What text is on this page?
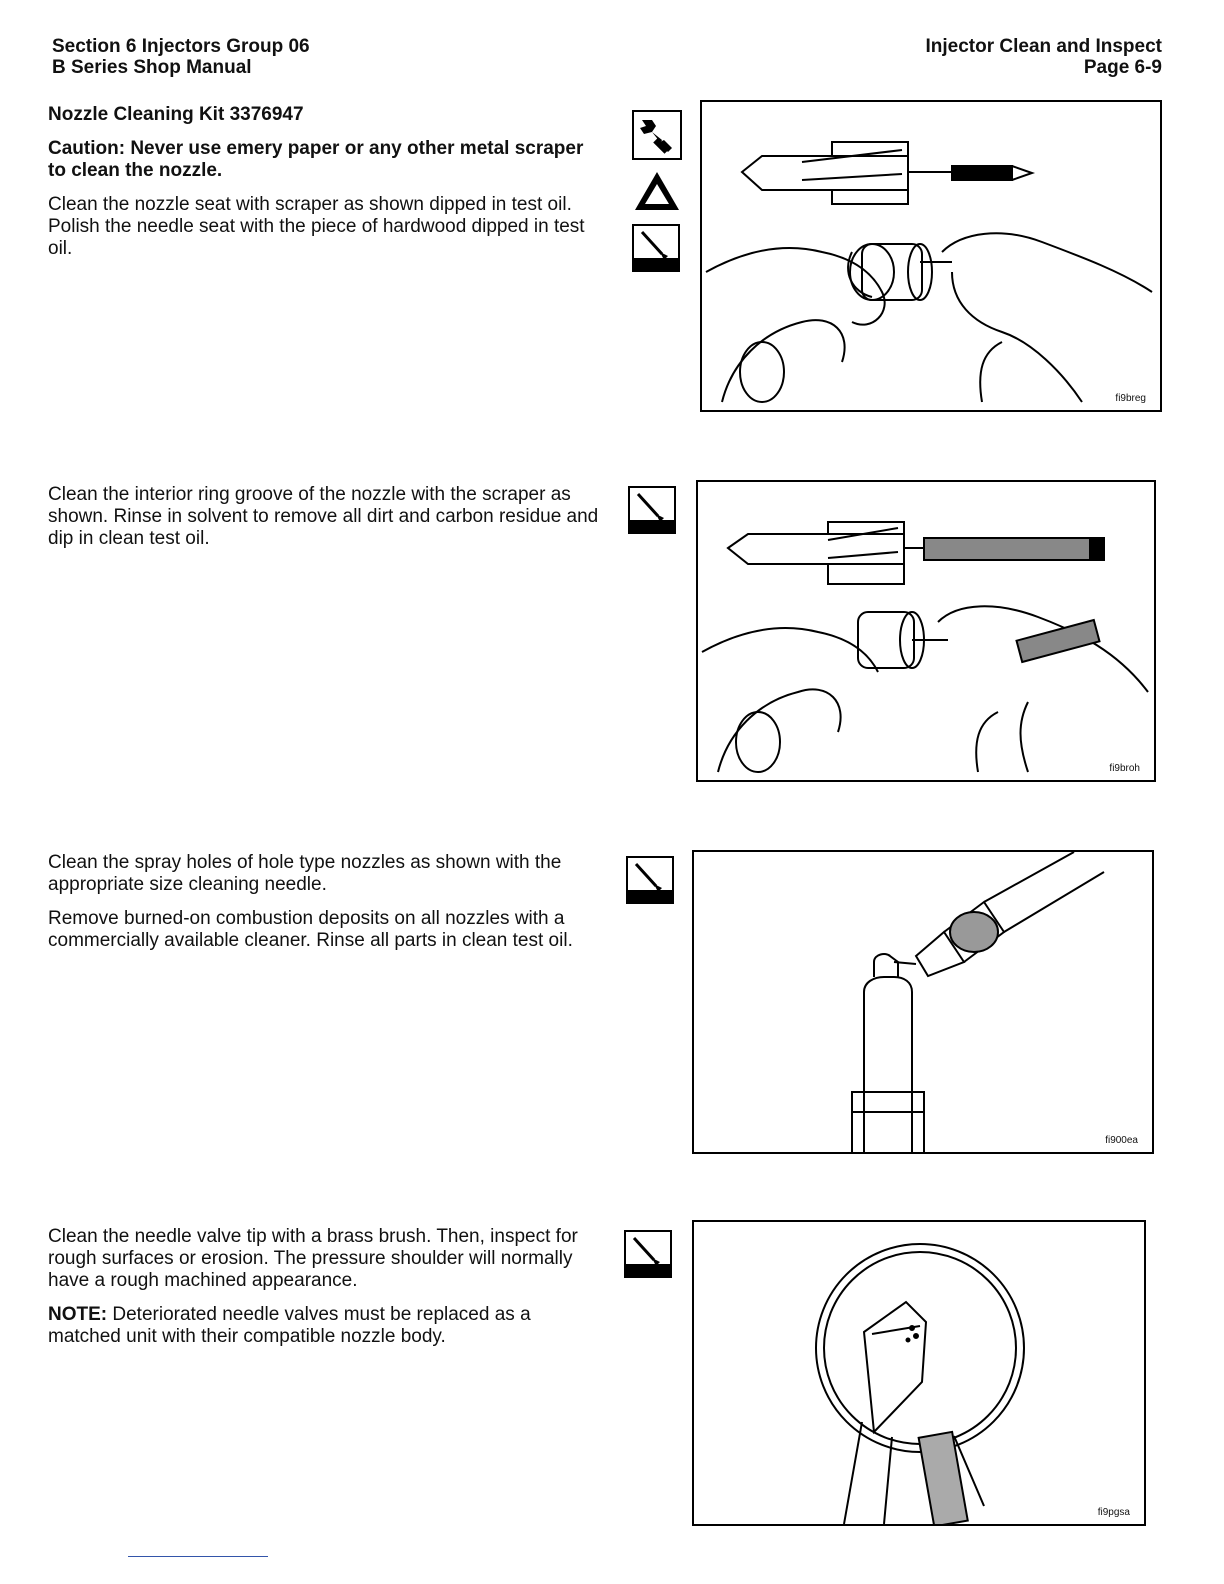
Section 6 Injectors Group 06
B Series Shop Manual
Injector Clean and Inspect
Page 6-9

Nozzle Cleaning Kit 3376947

Caution: Never use emery paper or any other metal scraper to clean the nozzle.

Clean the nozzle seat with scraper as shown dipped in test oil. Polish the needle seat with the piece of hardwood dipped in test oil.

fi9breg

Clean the interior ring groove of the nozzle with the scraper as shown. Rinse in solvent to remove all dirt and carbon residue and dip in clean test oil.

fi9broh

Clean the spray holes of hole type nozzles as shown with the appropriate size cleaning needle.

Remove burned-on combustion deposits on all nozzles with a commercially available cleaner. Rinse all parts in clean test oil.

fi900ea

Clean the needle valve tip with a brass brush. Then, inspect for rough surfaces or erosion. The pressure shoulder will normally have a rough machined appearance.

NOTE: Deteriorated needle valves must be replaced as a matched unit with their compatible nozzle body.

fi9pgsa
